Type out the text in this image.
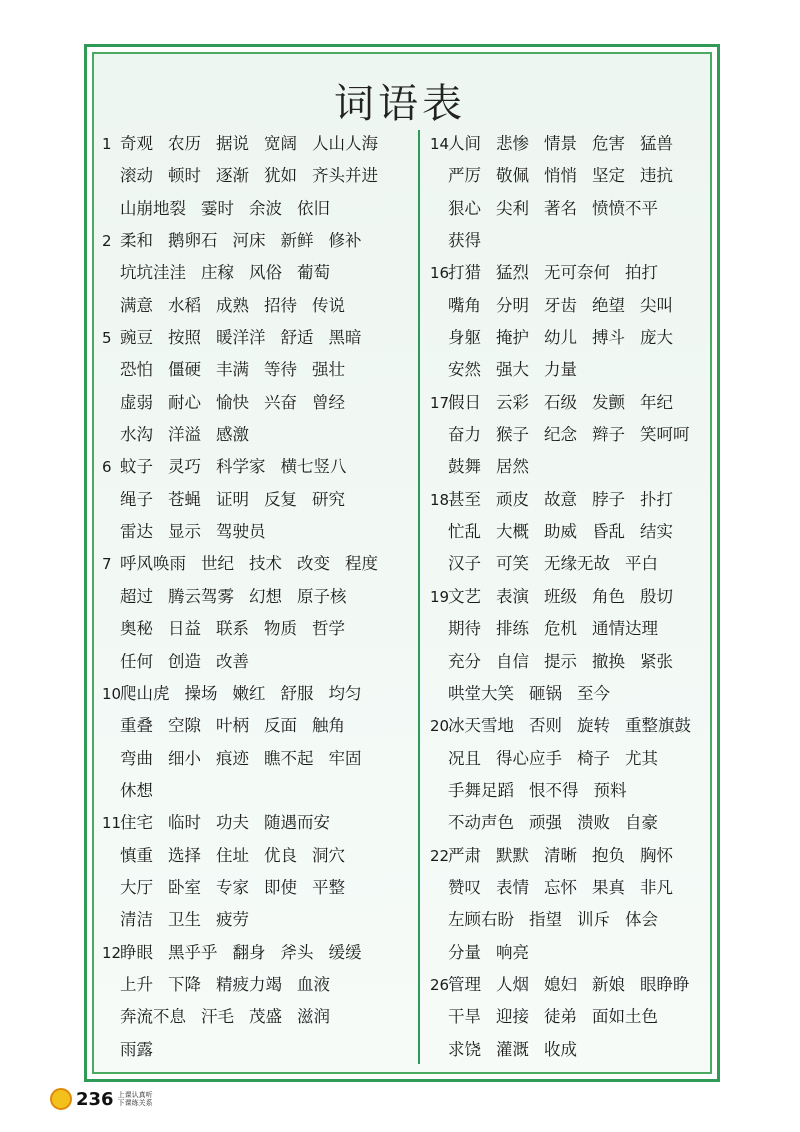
词语表
1 奇观 农历 据说 宽阔 人山人海
滚动 顿时 逐渐 犹如 齐头并进
山崩地裂 霎时 余波 依旧
2 柔和 鹅卵石 河床 新鲜 修补
坑坑洼洼 庄稼 风俗 葡萄
满意 水稻 成熟 招待 传说
5 豌豆 按照 暖洋洋 舒适 黑暗
恐怕 僵硬 丰满 等待 强壮
虚弱 耐心 愉快 兴奋 曾经
水沟 洋溢 感激
6 蚊子 灵巧 科学家 横七竖八
绳子 苍蝇 证明 反复 研究
雷达 显示 驾驶员
7 呼风唤雨 世纪 技术 改变 程度
超过 腾云驾雾 幻想 原子核
奥秘 日益 联系 物质 哲学
任何 创造 改善
10
爬山虎 操场 嫩红 舒服 均匀
重叠 空隙 叶柄 反面 触角
弯曲 细小 痕迹 瞧不起 牢固
休想
11
住宅 临时 功夫 随遇而安
慎重 选择 住址 优良 洞穴
大厅 卧室 专家 即使 平整
清洁 卫生 疲劳
12
睁眼 黑乎乎 翻身 斧头 缓缓
上升 下降 精疲力竭 血液
奔流不息 汗毛 茂盛 滋润
雨露
14
人间 悲惨 情景 危害 猛兽
严厉 敬佩 悄悄 坚定 违抗
狠心 尖利 著名 愤愤不平
获得
16
打猎 猛烈 无可奈何 拍打
嘴角 分明 牙齿 绝望 尖叫
身躯 掩护 幼儿 搏斗 庞大
安然 强大 力量
17
假日 云彩 石级 发颤 年纪
奋力 猴子 纪念 辫子 笑呵呵
鼓舞 居然
18
甚至 顽皮 故意 脖子 扑打
忙乱 大概 助威 昏乱 结实
汉子 可笑 无缘无故 平白
19
文艺 表演 班级 角色 殷切
期待 排练 危机 通情达理
充分 自信 提示 撤换 紧张
哄堂大笑 砸锅 至今
20
冰天雪地 否则 旋转 重整旗鼓
况且 得心应手 椅子 尤其
手舞足蹈 恨不得 预料
不动声色 顽强 溃败 自豪
22
严肃 默默 清晰 抱负 胸怀
赞叹 表情 忘怀 果真 非凡
左顾右盼 指望 训斥 体会
分量 响亮
26
管理 人烟 媳妇 新娘 眼睁睁
干旱 迎接 徒弟 面如土色
求饶 灌溉 收成
236 上课认真听
下课练关系
